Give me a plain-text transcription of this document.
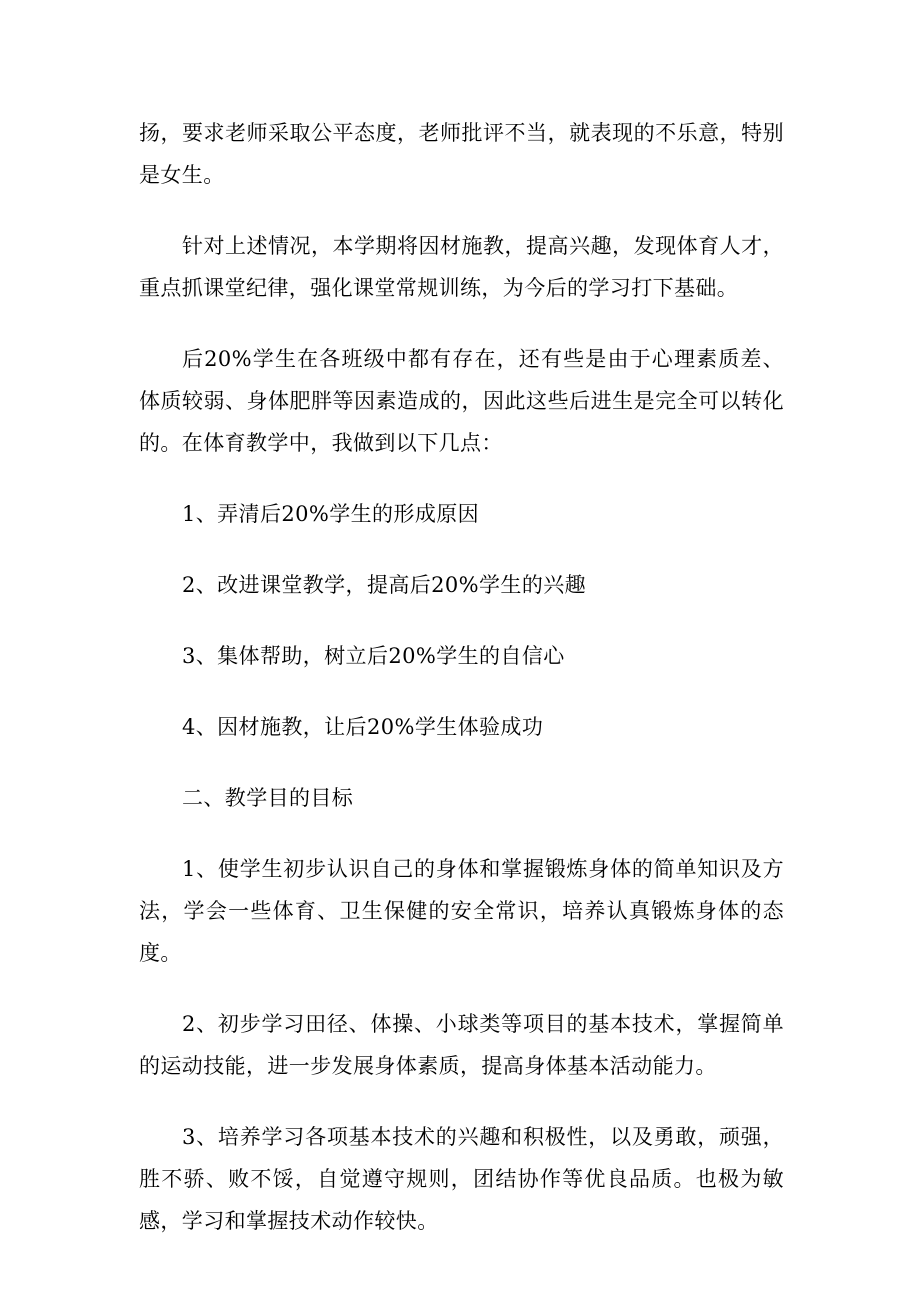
扬，要求老师采取公平态度，老师批评不当，就表现的不乐意，特别是女生。

针对上述情况，本学期将因材施教，提高兴趣，发现体育人才，重点抓课堂纪律，强化课堂常规训练，为今后的学习打下基础。

后20%学生在各班级中都有存在，还有些是由于心理素质差、体质较弱、身体肥胖等因素造成的，因此这些后进生是完全可以转化的。在体育教学中，我做到以下几点：

1、弄清后20%学生的形成原因

2、改进课堂教学，提高后20%学生的兴趣

3、集体帮助，树立后20%学生的自信心

4、因材施教，让后20%学生体验成功

二、教学目的目标

1、使学生初步认识自己的身体和掌握锻炼身体的简单知识及方法，学会一些体育、卫生保健的安全常识，培养认真锻炼身体的态度。

2、初步学习田径、体操、小球类等项目的基本技术，掌握简单的运动技能，进一步发展身体素质，提高身体基本活动能力。

3、培养学习各项基本技术的兴趣和积极性，以及勇敢，顽强，胜不骄、败不馁，自觉遵守规则，团结协作等优良品质。也极为敏感，学习和掌握技术动作较快。
